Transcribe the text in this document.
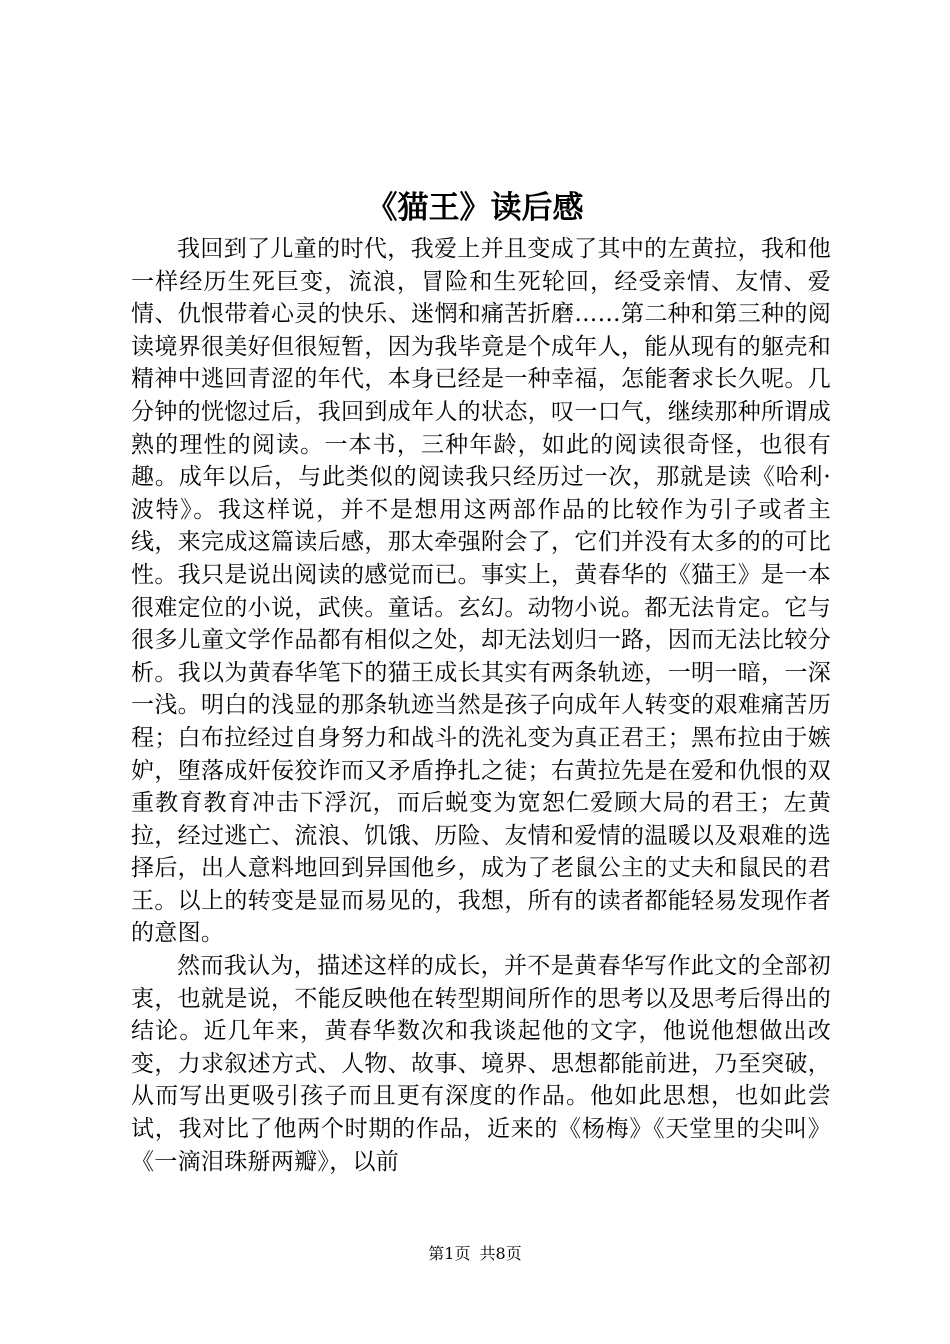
《猫王》读后感

我回到了儿童的时代，我爱上并且变成了其中的左黄拉，我和他一样经历生死巨变，流浪，冒险和生死轮回，经受亲情、友情、爱情、仇恨带着心灵的快乐、迷惘和痛苦折磨……第二种和第三种的阅读境界很美好但很短暂，因为我毕竟是个成年人，能从现有的躯壳和精神中逃回青涩的年代，本身已经是一种幸福，怎能奢求长久呢。几分钟的恍惚过后，我回到成年人的状态，叹一口气，继续那种所谓成熟的理性的阅读。一本书，三种年龄，如此的阅读很奇怪，也很有趣。成年以后，与此类似的阅读我只经历过一次，那就是读《哈利·波特》。我这样说，并不是想用这两部作品的比较作为引子或者主线，来完成这篇读后感，那太牵强附会了，它们并没有太多的的可比性。我只是说出阅读的感觉而已。事实上，黄春华的《猫王》是一本很难定位的小说，武侠。童话。玄幻。动物小说。都无法肯定。它与很多儿童文学作品都有相似之处，却无法划归一路，因而无法比较分析。我以为黄春华笔下的猫王成长其实有两条轨迹，一明一暗，一深一浅。明白的浅显的那条轨迹当然是孩子向成年人转变的艰难痛苦历程；白布拉经过自身努力和战斗的洗礼变为真正君王；黑布拉由于嫉妒，堕落成奸佞狡诈而又矛盾挣扎之徒；右黄拉先是在爱和仇恨的双重教育教育冲击下浮沉，而后蜕变为宽恕仁爱顾大局的君王；左黄拉，经过逃亡、流浪、饥饿、历险、友情和爱情的温暖以及艰难的选择后，出人意料地回到异国他乡，成为了老鼠公主的丈夫和鼠民的君王。以上的转变是显而易见的，我想，所有的读者都能轻易发现作者的意图。

然而我认为，描述这样的成长，并不是黄春华写作此文的全部初衷，也就是说，不能反映他在转型期间所作的思考以及思考后得出的结论。近几年来，黄春华数次和我谈起他的文字，他说他想做出改变，力求叙述方式、人物、故事、境界、思想都能前进，乃至突破，从而写出更吸引孩子而且更有深度的作品。他如此思想，也如此尝试，我对比了他两个时期的作品，近来的《杨梅》《天堂里的尖叫》《一滴泪珠掰两瓣》，以前

第1页 共8页
